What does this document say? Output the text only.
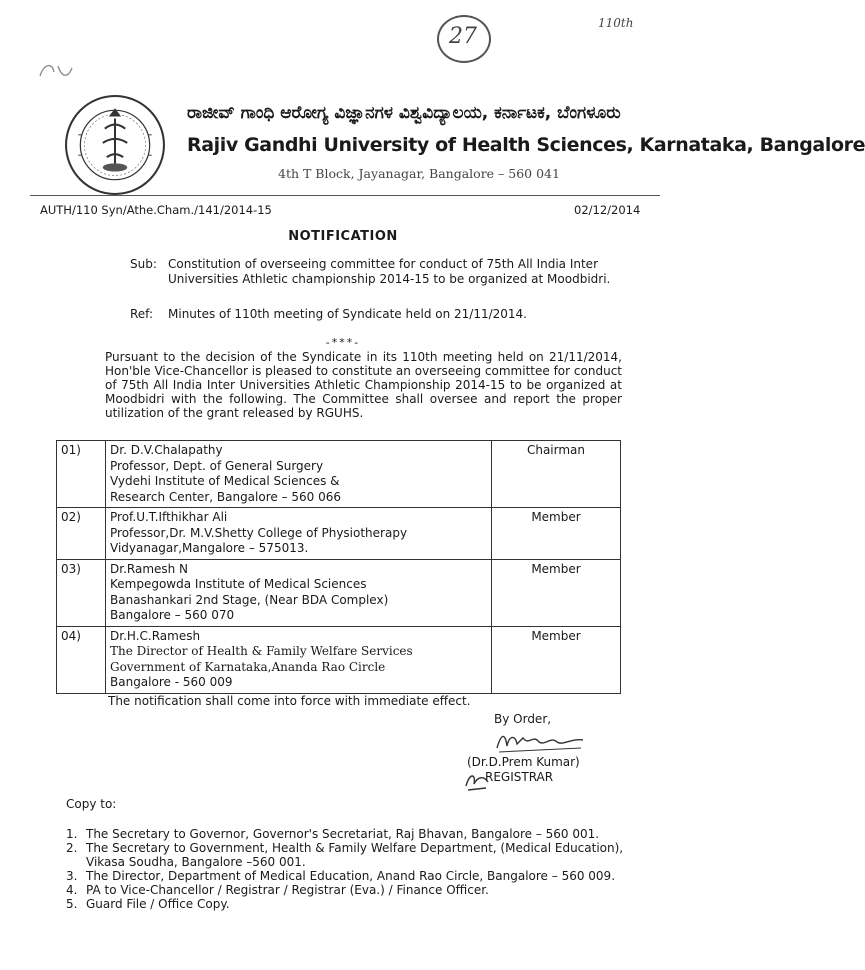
27
110th
ರಾಜೀವ್ ಗಾಂಧಿ ಆರೋಗ್ಯ ವಿಜ್ಞಾನಗಳ ವಿಶ್ವವಿದ್ಯಾಲಯ, ಕರ್ನಾಟಕ, ಬೆಂಗಳೂರು
Rajiv Gandhi University of Health Sciences, Karnataka, Bangalore
4th T Block, Jayanagar, Bangalore – 560 041
AUTH/110 Syn/Athe.Cham./141/2014-15	02/12/2014
NOTIFICATION
Sub: Constitution of overseeing committee for conduct of 75th All India Inter Universities Athletic championship 2014-15 to be organized at Moodbidri.
Ref: Minutes of 110th meeting of Syndicate held on 21/11/2014.
-***-
Pursuant to the decision of the Syndicate in its 110th meeting held on 21/11/2014, Hon'ble Vice-Chancellor is pleased to constitute an overseeing committee for conduct of 75th All India Inter Universities Athletic Championship 2014-15 to be organized at Moodbidri with the following. The Committee shall oversee and report the proper utilization of the grant released by RGUHS.
01)	Dr. D.V.Chalapathy
Professor, Dept. of General Surgery
Vydehi Institute of Medical Sciences &
Research Center, Bangalore – 560 066	Chairman
02)	Prof.U.T.Ifthikhar Ali
Professor,Dr. M.V.Shetty College of Physiotherapy
Vidyanagar,Mangalore – 575013.	Member
03)	Dr.Ramesh N
Kempegowda Institute of Medical Sciences
Banashankari 2nd Stage, (Near BDA Complex)
Bangalore – 560 070	Member
04)	Dr.H.C.Ramesh
The Director of Health & Family Welfare Services
Government of Karnataka,Ananda Rao Circle
Bangalore - 560 009	Member
The notification shall come into force with immediate effect.
By Order,
(Dr.D.Prem Kumar)
REGISTRAR
Copy to:
1. The Secretary to Governor, Governor's Secretariat, Raj Bhavan, Bangalore – 560 001.
2. The Secretary to Government, Health & Family Welfare Department, (Medical Education), Vikasa Soudha, Bangalore –560 001.
3. The Director, Department of Medical Education, Anand Rao Circle, Bangalore – 560 009.
4. PA to Vice-Chancellor / Registrar / Registrar (Eva.) / Finance Officer.
5. Guard File / Office Copy.
